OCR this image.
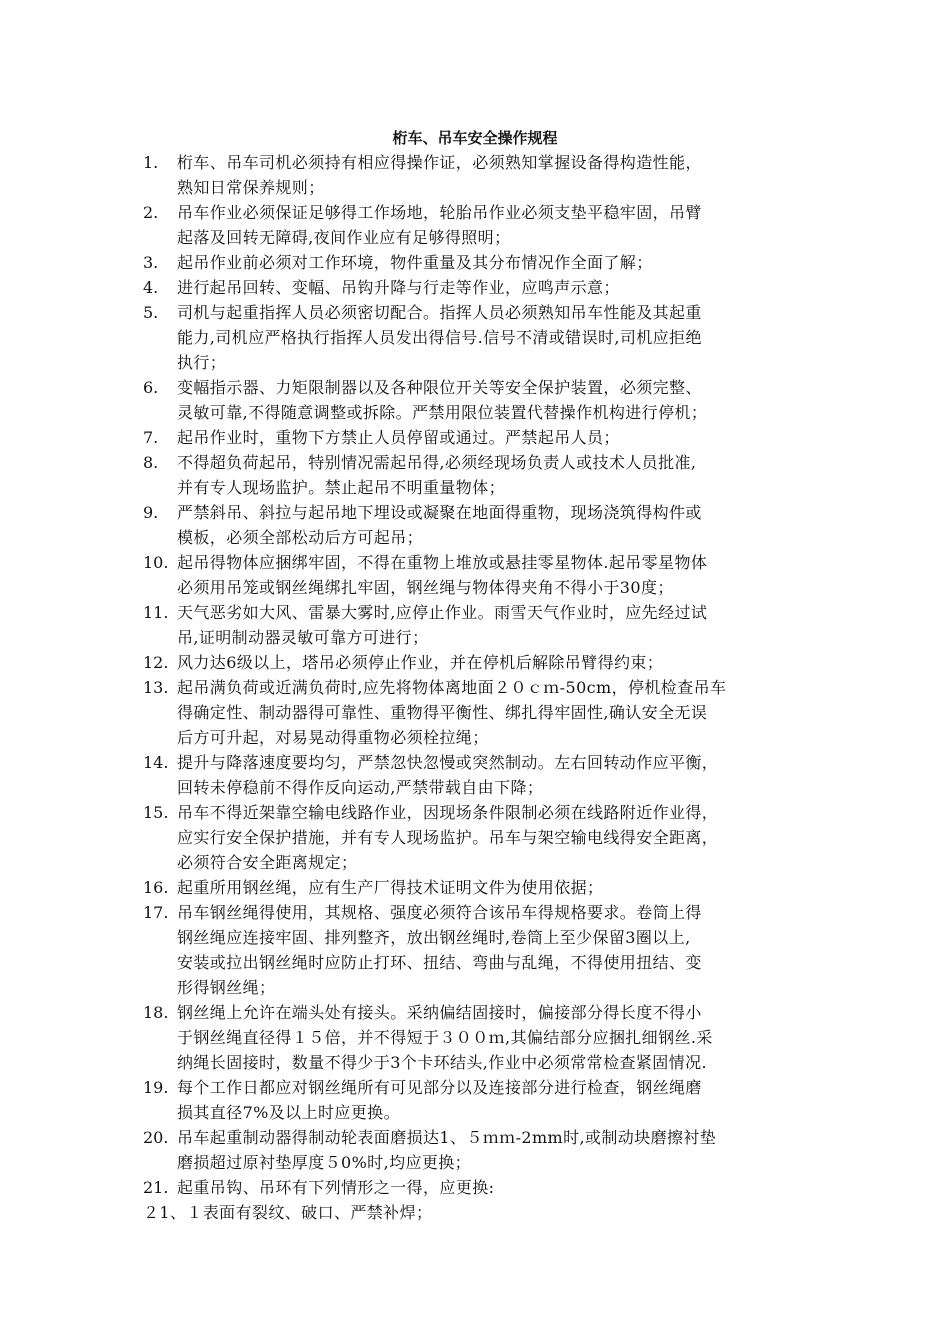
桁车、吊车安全操作规程
1.	桁车、吊车司机必须持有相应得操作证，必须熟知掌握设备得构造性能，
熟知日常保养规则；
2.	吊车作业必须保证足够得工作场地，轮胎吊作业必须支垫平稳牢固，吊臂
起落及回转无障碍,夜间作业应有足够得照明；
3.	起吊作业前必须对工作环境，物件重量及其分布情况作全面了解；
4.	进行起吊回转、变幅、吊钩升降与行走等作业，应鸣声示意；
5.	司机与起重指挥人员必须密切配合。指挥人员必须熟知吊车性能及其起重
能力,司机应严格执行指挥人员发出得信号.信号不清或错误时,司机应拒绝
执行；
6.	变幅指示器、力矩限制器以及各种限位开关等安全保护装置，必须完整、
灵敏可靠,不得随意调整或拆除。严禁用限位装置代替操作机构进行停机；
7.	起吊作业时，重物下方禁止人员停留或通过。严禁起吊人员；
8.	不得超负荷起吊，特别情况需起吊得,必须经现场负责人或技术人员批准,
并有专人现场监护。禁止起吊不明重量物体；
9.	严禁斜吊、斜拉与起吊地下埋设或凝聚在地面得重物，现场浇筑得构件或
模板，必须全部松动后方可起吊；
10. 起吊得物体应捆绑牢固，不得在重物上堆放或悬挂零星物体.起吊零星物体
必须用吊笼或钢丝绳绑扎牢固，钢丝绳与物体得夹角不得小于30度；
11. 天气恶劣如大风、雷暴大雾时,应停止作业。雨雪天气作业时，应先经过试
吊,证明制动器灵敏可靠方可进行；
12. 风力达6级以上，塔吊必须停止作业，并在停机后解除吊臂得约束；
13. 起吊满负荷或近满负荷时,应先将物体离地面２０ｃｍ-50cm，停机检查吊车
得确定性、制动器得可靠性、重物得平衡性、绑扎得牢固性,确认安全无误
后方可升起，对易晃动得重物必须栓拉绳；
14. 提升与降落速度要均匀，严禁忽快忽慢或突然制动。左右回转动作应平衡，
回转未停稳前不得作反向运动,严禁带载自由下降；
15. 吊车不得近架靠空输电线路作业，因现场条件限制必须在线路附近作业得，
应实行安全保护措施，并有专人现场监护。吊车与架空输电线得安全距离，
必须符合安全距离规定；
16. 起重所用钢丝绳，应有生产厂得技术证明文件为使用依据；
17. 吊车钢丝绳得使用，其规格、强度必须符合该吊车得规格要求。卷筒上得
钢丝绳应连接牢固、排列整齐，放出钢丝绳时,卷筒上至少保留3圈以上,
安装或拉出钢丝绳时应防止打环、扭结、弯曲与乱绳，不得使用扭结、变
形得钢丝绳；
18. 钢丝绳上允许在端头处有接头。采纳偏结固接时，偏接部分得长度不得小
于钢丝绳直径得１５倍，并不得短于３００ｍ,其偏结部分应捆扎细钢丝.采
纳绳长固接时，数量不得少于3个卡环结头,作业中必须常常检查紧固情况.
19. 每个工作日都应对钢丝绳所有可见部分以及连接部分进行检查，钢丝绳磨
损其直径7%及以上时应更换。
20. 吊车起重制动器得制动轮表面磨损达1、５ｍｍ-2mm时,或制动块磨擦衬垫
磨损超过原衬垫厚度５0%时,均应更换；
21. 起重吊钩、吊环有下列情形之一得，应更换:
２1、１表面有裂纹、破口、严禁补焊；
